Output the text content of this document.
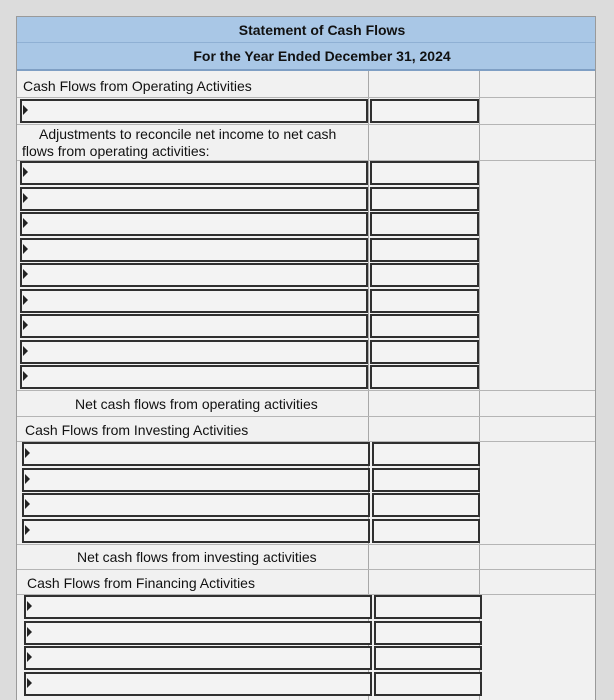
Statement of Cash Flows
For the Year Ended December 31, 2024
Cash Flows from Operating Activities
Adjustments to reconcile net income to net cash
flows from operating activities:
Net cash flows from operating activities
Cash Flows from Investing Activities
Net cash flows from investing activities
Cash Flows from Financing Activities
